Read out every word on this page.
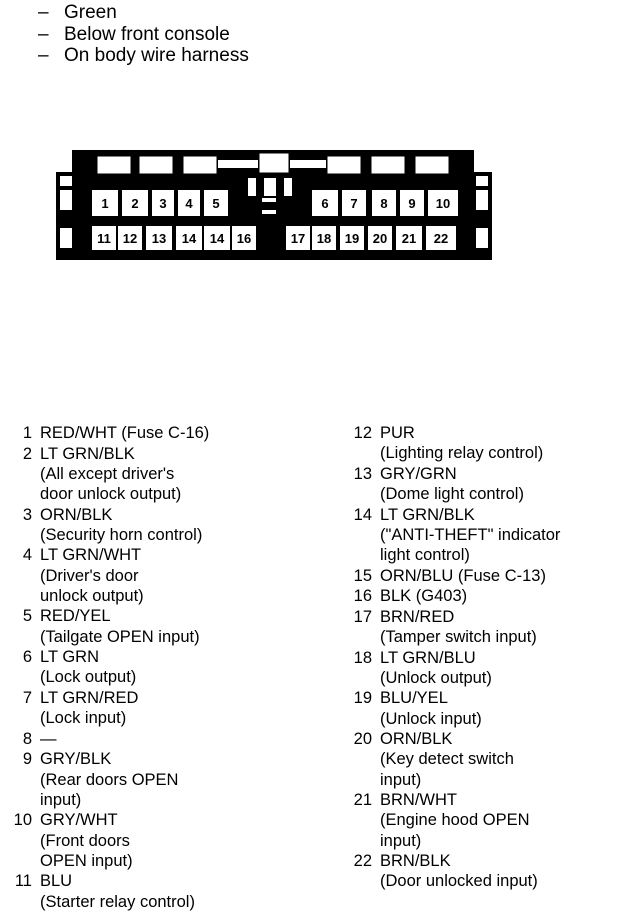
– Green
– Below front console
– On body wire harness
1 2 3 4 5	6 7 8 9 10
11 12 13 14 14 16	17 18 19 20 21 22
1 RED/WHT (Fuse C-16)
2 LT GRN/BLK
(All except driver's
door unlock output)
3 ORN/BLK
(Security horn control)
4 LT GRN/WHT
(Driver's door
unlock output)
5 RED/YEL
(Tailgate OPEN input)
6 LT GRN
(Lock output)
7 LT GRN/RED
(Lock input)
8 —
9 GRY/BLK
(Rear doors OPEN
input)
10 GRY/WHT
(Front doors
OPEN input)
11 BLU
(Starter relay control)
12 PUR
(Lighting relay control)
13 GRY/GRN
(Dome light control)
14 LT GRN/BLK
("ANTI-THEFT" indicator
light control)
15 ORN/BLU (Fuse C-13)
16 BLK (G403)
17 BRN/RED
(Tamper switch input)
18 LT GRN/BLU
(Unlock output)
19 BLU/YEL
(Unlock input)
20 ORN/BLK
(Key detect switch
input)
21 BRN/WHT
(Engine hood OPEN
input)
22 BRN/BLK
(Door unlocked input)
